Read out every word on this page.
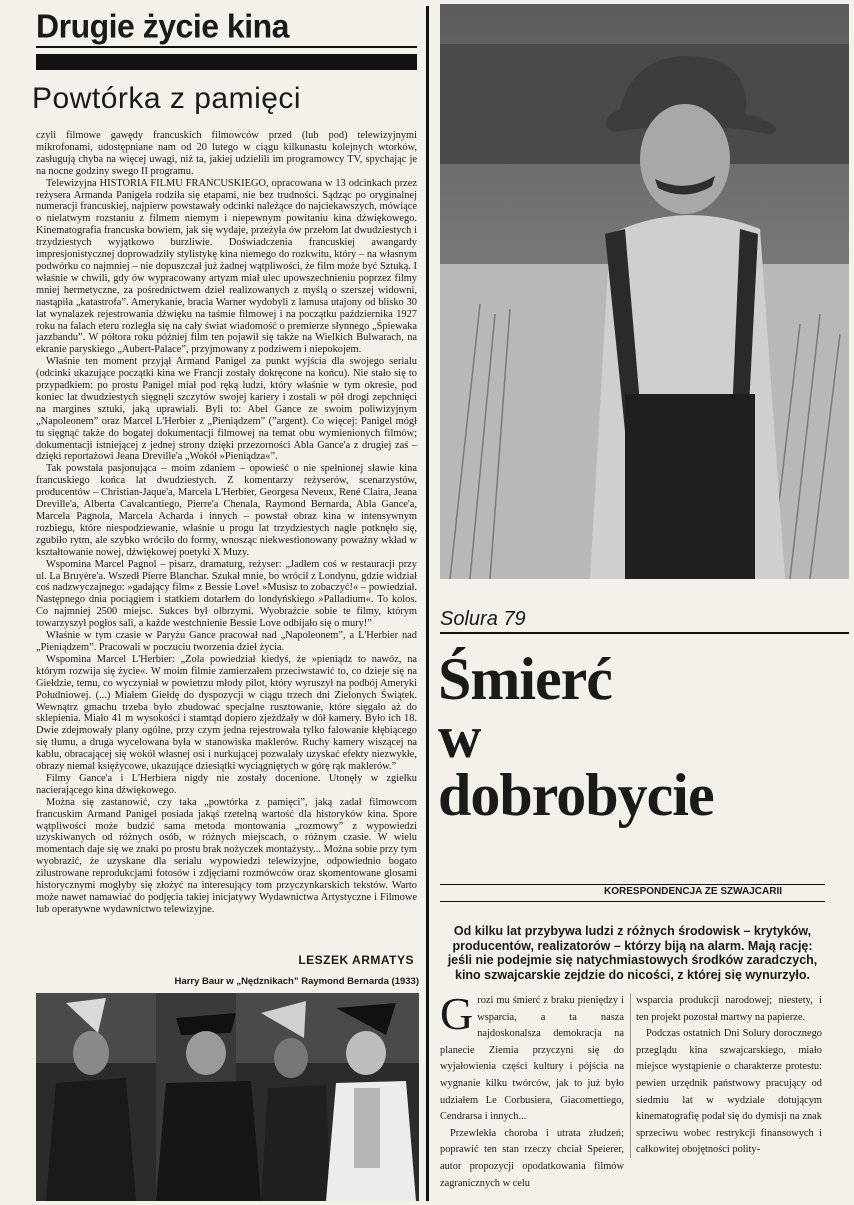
Drugie życie kina
Powtórka z pamięci

czyli filmowe gawędy francuskich filmowców przed (lub pod) telewizyjnymi mikrofonami, udostępniane nam od 20 lutego w ciągu kilkunastu kolejnych wtorków, zasługują chyba na więcej uwagi, niż ta, jakiej udzielili im programowcy TV, spychając je na nocne godziny swego II programu.

Telewizyjna HISTORIA FILMU FRANCUSKIEGO, opracowana w 13 odcinkach przez reżysera Armanda Panigela rodziła się etapami, nie bez trudności. Sądząc po oryginalnej numeracji francuskiej, najpierw powstawały odcinki należące do najciekawszych, mówiące o nielatwym rozstaniu z filmem niemym i niepewnym powitaniu kina dźwiękowego. Kinematografia francuska bowiem, jak się wydaje, przeżyła ów przełom lat dwudziestych i trzydziestych wyjątkowo burzliwie. Doświadczenia francuskiej awangardy impresjonistycznej doprowadziły stylistykę kina niemego do rozkwitu, który – na własnym podwórku co najmniej – nie dopuszczał już żadnej wątpliwości, że film może być Sztuką. I właśnie w chwili, gdy ów wypracowany artyzm miał ulec upowszechnieniu poprzez filmy mniej hermetyczne, za pośrednictwem dzieł realizowanych z myślą o szerszej widowni, nastąpiła „katastrofa”. Amerykanie, bracia Warner wydobyli z lamusa utajony od blisko 30 lat wynalazek rejestrowania dźwięku na taśmie filmowej i na początku października 1927 roku na falach eteru rozległa się na cały świat wiadomość o premierze słynnego „Śpiewaka jazzbandu”. W półtora roku później film ten pojawił się także na Wielkich Bulwarach, na ekranie paryskiego „Aubert-Palace”, przyjmowany z podziwem i niepokojem.

Właśnie ten moment przyjął Armand Panigel za punkt wyjścia dla swojego serialu (odcinki ukazujące początki kina we Francji zostały dokręcone na końcu). Nie stało się to przypadkiem: po prostu Panigel miał pod ręką ludzi, który właśnie w tym okresie, pod koniec lat dwudziestych sięgnęli szczytów swojej kariery i zostali w pół drogi zepchnięci na margines sztuki, jaką uprawiali. Byli to: Abel Gance ze swoim poliwizyjnym „Napoleonem” oraz Marcel L'Herbier z „Pieniądzem” (”argent). Co więcej: Panigel mógł tu sięgnąć także do bogatej dokumentacji filmowej na temat obu wymienionych filmów; dokumentacji istniejącej z jednej strony dzięki przezorności Abla Gance'a z drugiej zaś – dzięki reportażowi Jeana Dreville'a „Wokół »Pieniądza«”.

Tak powstała pasjonująca – moim zdaniem – opowieść o nie spełnionej sławie kina francuskiego końca lat dwudziestych. Z komentarzy reżyserów, scenarzystów, producentów – Christian-Jaque'a, Marcela L'Herbier, Georgesa Neveux, René Claira, Jeana Dreville'a, Alberta Cavalcantiego, Pierre'a Chenala, Raymond Bernarda, Abla Gance'a, Marcela Pagnola, Marcela Acharda i innych – powstał obraz kina w intensywnym rozbiegu, które niespodziewanie, właśnie u progu lat trzydziestych nagle potknęło się, zgubiło rytm, ale szybko wróciło do formy, wnosząc niekwestionowany poważny wkład w kształtowanie nowej, dźwiękowej poetyki X Muzy.

Wspomina Marcel Pagnol – pisarz, dramaturg, reżyser: „Jadłem coś w restauracji przy ul. La Bruyère'a. Wszedł Pierre Blanchar. Szukał mnie, bo wrócił z Londynu, gdzie widział coś nadzwyczajnego: »gadający film« z Bessie Love! »Musisz to zobaczyć!« – powiedział. Następnego dnia pociągiem i statkiem dotarłem do londyńskiego »Palladium«. To kolos. Co najmniej 2500 miejsc. Sukces był olbrzymi. Wyobraźcie sobie te filmy, którym towarzyszył pogłos sali, a każde westchnienie Bessie Love odbijało się o mury!”

Właśnie w tym czasie w Paryżu Gance pracował nad „Napoleonem”, a L'Herbier nad „Pieniądzem”. Pracowali w poczuciu tworzenia dzieł życia.

Wspomina Marcel L'Herbier: „Zola powiedział kiedyś, że »pieniądz to nawóz, na którym rozwija się życie«. W moim filmie zamierzałem przeciwstawić to, co dzieje się na Giełdzie, temu, co wyczyniał w powietrzu młody pilot, który wyruszył na podbój Ameryki Południowej. (...) Miałem Giełdę do dyspozycji w ciągu trzech dni Zielonych Świątek. Wewnątrz gmachu trzeba było zbudować specjalne rusztowanie, które sięgało aż do sklepienia. Miało 41 m wysokości i stamtąd dopiero zjeżdżały w dół kamery. Było ich 18. Dwie zdejmowały plany ogólne, przy czym jedna rejestrowała tylko falowanie kłębiącego się tłumu, a druga wycelowana była w stanowiska maklerów. Ruchy kamery wiszącej na kablu, obracającej się wokół własnej osi i nurkującej pozwalały uzyskać efekty niezwykłe, obrazy niemal księżycowe, ukazujące dziesiątki wyciągniętych w górę rąk maklerów.”

Filmy Gance'a i L'Herbiera nigdy nie zostały docenione. Utonęły w zgiełku nacierającego kina dźwiękowego.

Można się zastanowić, czy taka „powtórka z pamięci”, jaką zadał filmowcom francuskim Armand Panigel posiada jakąś rzetelną wartość dla historyków kina. Spore wątpliwości może budzić sama metoda montowania „rozmowy” z wypowiedzi uzyskiwanych od różnych osób, w różnych miejscach, o różnym czasie. W wielu momentach daje się we znaki po prostu brak nożyczek montażysty... Można sobie przy tym wyobrazić, że uzyskane dla serialu wypowiedzi telewizyjne, odpowiednio bogato zilustrowane reprodukcjami fotosów i zdjęciami rozmówców oraz skomentowane glosami historycznymi mogłyby się złożyć na interesujący tom przyczynkarskich tekstów. Warto może nawet namawiać do podjęcia takiej inicjatywy Wydawnictwa Artystyczne i Filmowe lub operatywne wydawnictwo telewizyjne.

LESZEK ARMATYS
Harry Baur w „Nędznikach” Raymond Bernarda (1933)
Solura 79
Śmierć
w
dobrobycie
KORESPONDENCJA ZE SZWAJCARII
Od kilku lat przybywa ludzi z różnych środowisk – krytyków, producentów, realizatorów – którzy biją na alarm. Mają rację: jeśli nie podejmie się natychmiastowych środków zaradczych, kino szwajcarskie zejdzie do nicości, z której się wynurzyło.

Grozi mu śmierć z braku pieniędzy i wsparcia, a ta nasza najdoskonalsza demokracja na planecie Ziemia przyczyni się do wyjałowienia części kultury i pójścia na wygnanie kilku twórców, jak to już było udziałem Le Corbusiera, Giacomettiego, Cendrarsa i innych...

Przewlekła choroba i utrata złudzeń; poprawić ten stan rzeczy chciał Speierer, autor propozycji opodatkowania filmów zagranicznych w celu

wsparcia produkcji narodowej; niestety, i ten projekt pozostał martwy na papierze.

Podczas ostatnich Dni Solury dorocznego przeglądu kina szwajcarskiego, miało miejsce wystąpienie o charakterze protestu: pewien urzędnik państwowy pracujący od siedmiu lat w wydziale dotującym kinematografię podał się do dymisji na znak sprzeciwu wobec restrykcji finansowych i całkowitej obojętności polity-
